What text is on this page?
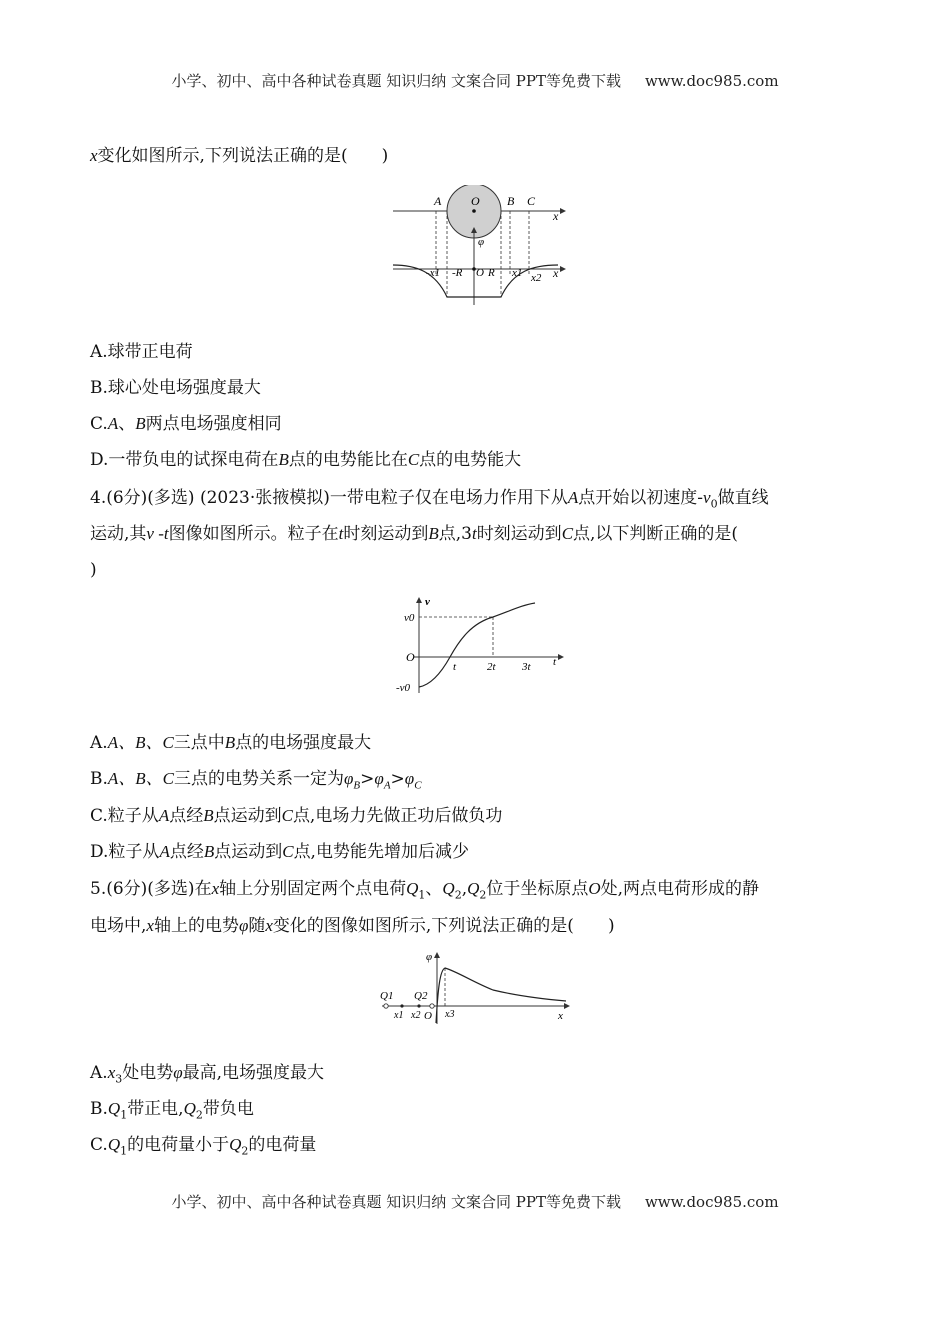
小学、初中、高中各种试卷真题 知识归纳 文案合同 PPT等免费下载 www.doc985.com
x变化如图所示,下列说法正确的是(　　)
A O B C
x
φ
-x1 -R O R x1 x2 x
A.球带正电荷
B.球心处电场强度最大
C.A、B两点电场强度相同
D.一带负电的试探电荷在B点的电势能比在C点的电势能大
4.(6分)(多选) (2023·张掖模拟)一带电粒子仅在电场力作用下从A点开始以初速度$-v_0$做直线
运动,其v -t图像如图所示。粒子在t时刻运动到B点,3t时刻运动到C点,以下判断正确的是(
)
v
v0
O
-v0
t	2t 3t t
A.A、B、C三点中B点的电场强度最大
B.A、B、C三点的电势关系一定为$\varphi_B>\varphi_A>\varphi_C$
C.粒子从A点经B点运动到C点,电场力先做正功后做负功
D.粒子从A点经B点运动到C点,电势能先增加后减少
5.(6分)(多选)在x轴上分别固定两个点电荷$Q_1$、$Q_2,Q_2$位于坐标原点O处,两点电荷形成的静
电场中,x轴上的电势φ随x变化的图像如图所示,下列说法正确的是(　　)
φ
Q1 Q2
x1 x2 O x3	x
$A.x_3$处电势φ最高,电场强度最大
$B.Q_1$带正电$,Q_2$带负电
$C.Q_1$的电荷量小于$Q_2$的电荷量
小学、初中、高中各种试卷真题 知识归纳 文案合同 PPT等免费下载 www.doc985.com
